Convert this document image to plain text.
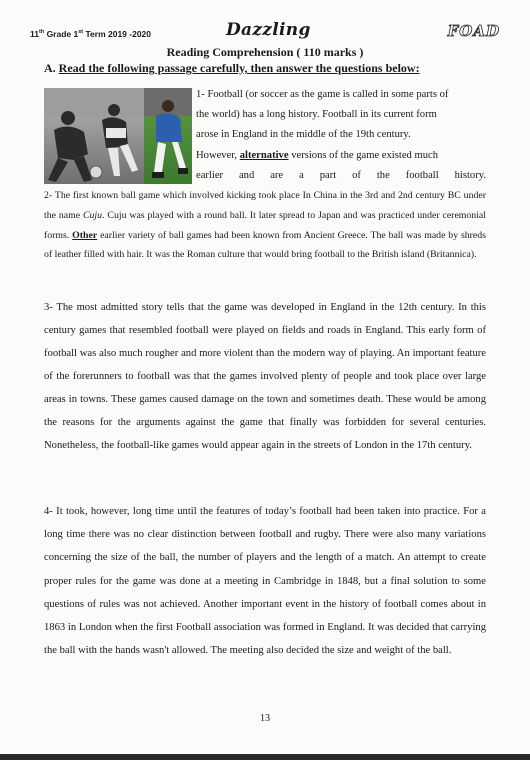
11th Grade 1st Term 2019 -2020	Dazzling	FOAD
Reading Comprehension ( 110 marks )
A. Read the following passage carefully, then answer the questions below:
1- Football (or soccer as the game is called in some parts of
the world) has a long history. Football in its current form
arose in England in the middle of the 19th century.
However, alternative versions of the game existed much
earlier and are a part of the football history.
2- The first known ball game which involved kicking took place In China in the 3rd and 2nd century BC under the name Cuju. Cuju was played with a round ball. It later spread to Japan and was practiced under ceremonial forms. Other earlier variety of ball games had been known from Ancient Greece. The ball was made by shreds of leather filled with hair. It was the Roman culture that would bring football to the British island (Britannica).
3- The most admitted story tells that the game was developed in England in the 12th century. In this century games that resembled football were played on fields and roads in England. This early form of football was also much rougher and more violent than the modern way of playing. An important feature of the forerunners to football was that the games involved plenty of people and took place over large areas in towns. These games caused damage on the town and sometimes death. These would be among the reasons for the arguments against the game that finally was forbidden for several centuries. Nonetheless, the football-like games would appear again in the streets of London in the 17th century.
4- It took, however, long time until the features of today’s football had been taken into practice. For a long time there was no clear distinction between football and rugby. There were also many variations concerning the size of the ball, the number of players and the length of a match. An attempt to create proper rules for the game was done at a meeting in Cambridge in 1848, but a final solution to some questions of rules was not achieved. Another important event in the history of football comes about in 1863 in London when the first Football association was formed in England. It was decided that carrying the ball with the hands wasn't allowed. The meeting also decided the size and weight of the ball.
13
